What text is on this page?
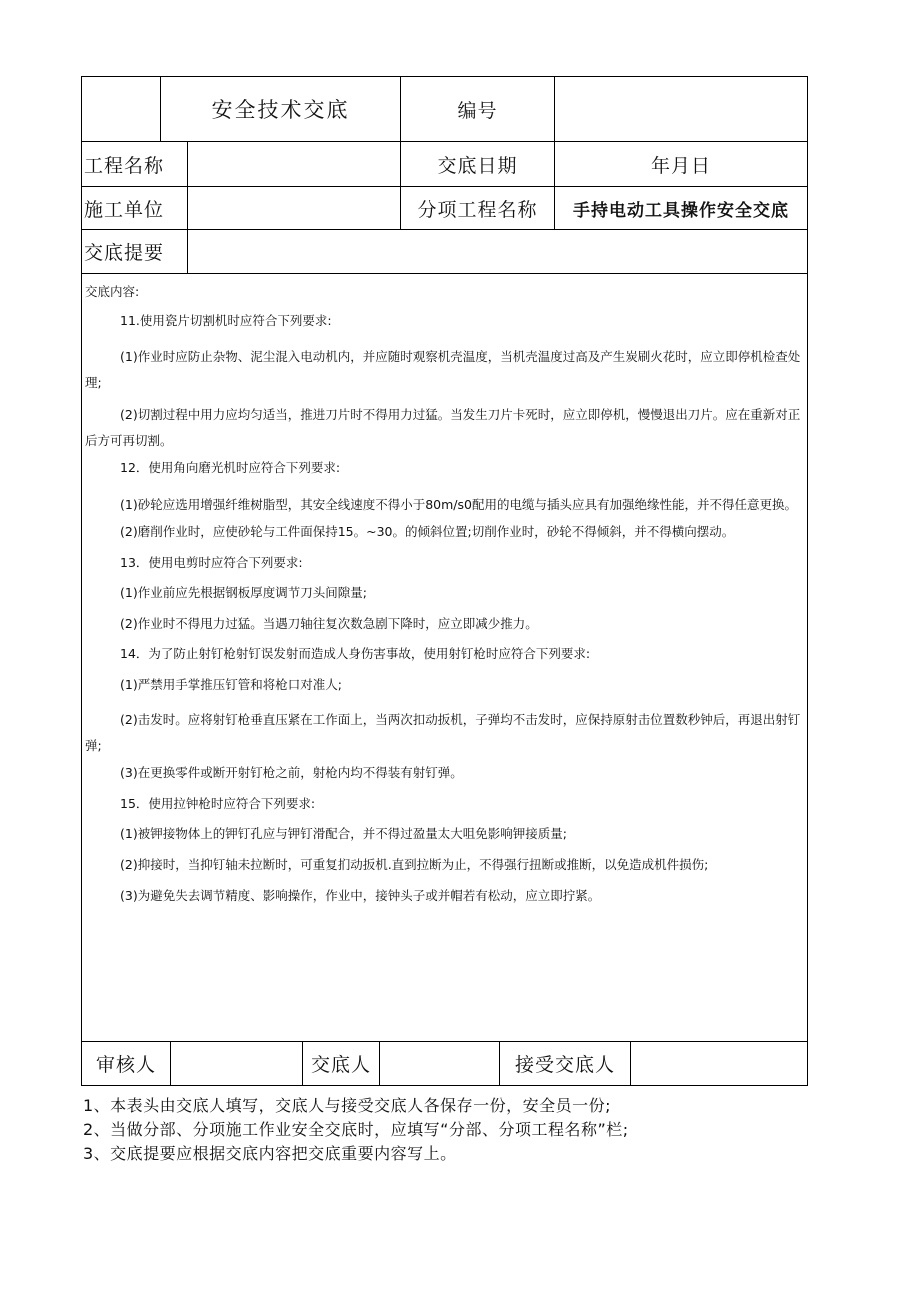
安全技术交底	编号
工程名称	交底日期	年月日
施工单位	分项工程名称	手持电动工具操作安全交底
交底提要

交底内容:

11.使用瓷片切割机时应符合下列要求:

(1)作业时应防止杂物、泥尘混入电动机内，并应随时观察机壳温度，当机壳温度过高及产生炭刷火花时，应立即停机检查处理;

(2)切割过程中用力应均匀适当，推进刀片时不得用力过猛。当发生刀片卡死时，应立即停机，慢慢退出刀片。应在重新对正后方可再切割。

12．使用角向磨光机时应符合下列要求:

(1)砂轮应选用增强纤维树脂型，其安全线速度不得小于80m/s0配用的电缆与插头应具有加强绝缘性能，并不得任意更换。

(2)磨削作业时，应使砂轮与工件面保持15。~30。的倾斜位置;切削作业时，砂轮不得倾斜，并不得横向摆动。

13．使用电剪时应符合下列要求:

(1)作业前应先根据钢板厚度调节刀头间隙量;

(2)作业时不得甩力过猛。当遇刀轴往复次数急剧下降时，应立即减少推力。

14．为了防止射钉枪射钉误发射而造成人身伤害事故，使用射钉枪时应符合下列要求:

(1)严禁用手掌推压钉管和将枪口对准人;

(2)击发时。应将射钉枪垂直压紧在工作面上，当两次扣动扳机，子弹均不击发时，应保持原射击位置数秒钟后，再退出射钉弹;

(3)在更换零件或断开射钉枪之前，射枪内均不得装有射钉弹。

15．使用拉钟枪时应符合下列要求:

(1)被钾接物体上的钾钉孔应与钾钉滑配合，并不得过盈量太大咀免影响钾接质量;

(2)抑接时，当抑钉轴未拉断时，可重复扪动扳机.直到拉断为止，不得强行扭断或推断，以免造成机件损伤;

(3)为避免失去调节精度、影响操作，作业中，接钟头子或并帽若有松动，应立即拧紧。

审核人	交底人	接受交底人
1、本表头由交底人填写，交底人与接受交底人各保存一份，安全员一份;
2、当做分部、分项施工作业安全交底时，应填写“分部、分项工程名称”栏;
3、交底提要应根据交底内容把交底重要内容写上。
